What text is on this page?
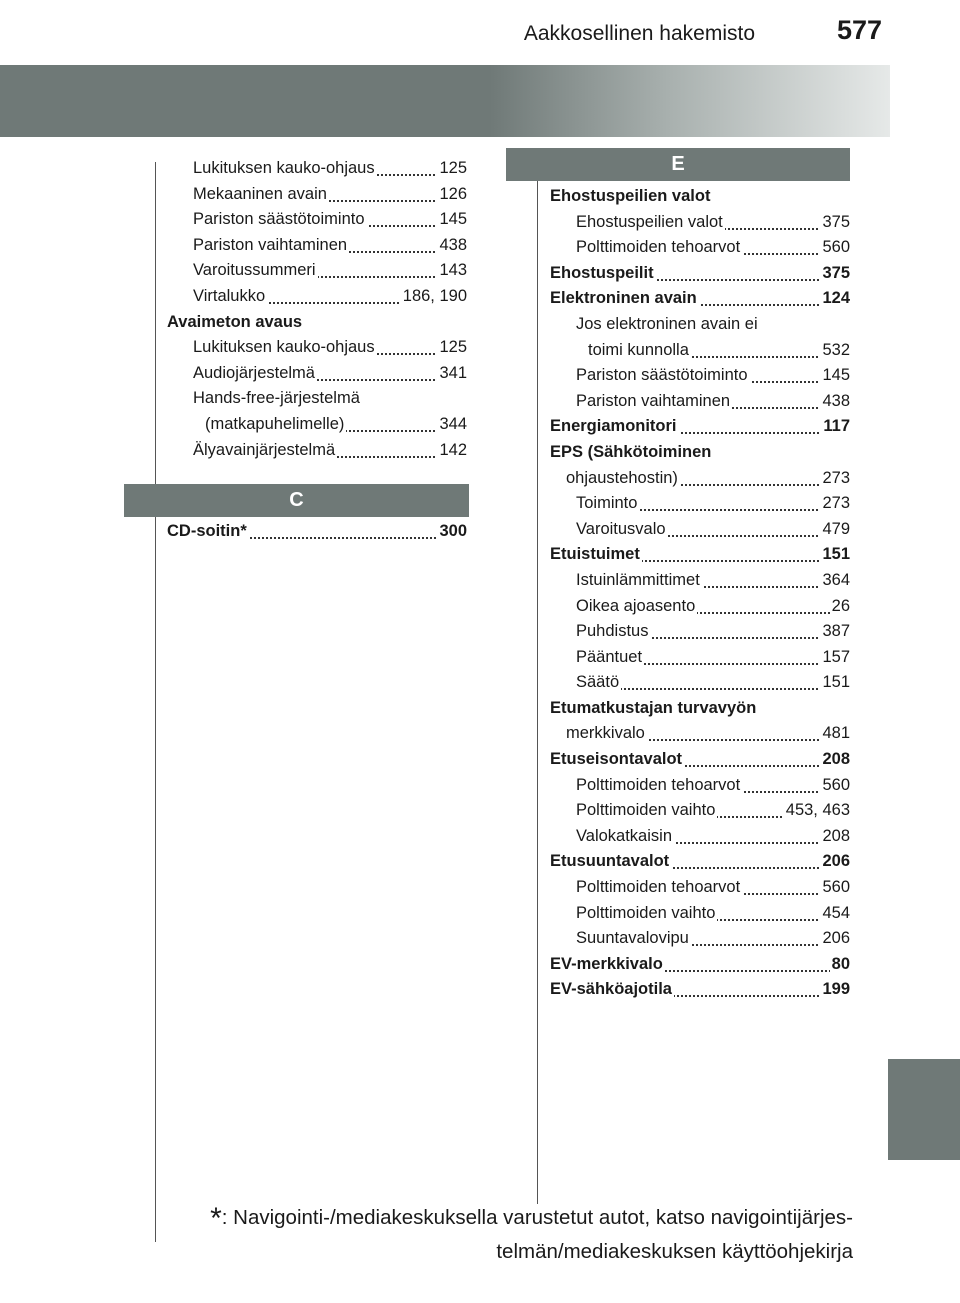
Aakkosellinen hakemisto	577
Lukituksen kauko-ohjaus	125
Mekaaninen avain	126
Pariston säästötoiminto	145
Pariston vaihtaminen	438
Varoitussummeri	143
Virtalukko	186, 190
Avaimeton avaus
Lukituksen kauko-ohjaus	125
Audiojärjestelmä	341
Hands-free-järjestelmä
(matkapuhelimelle)	344
Älyavainjärjestelmä	142
C
CD-soitin*	300
E
Ehostuspeilien valot
Ehostuspeilien valot	375
Polttimoiden tehoarvot	560
Ehostuspeilit	375
Elektroninen avain	124
Jos elektroninen avain ei
toimi kunnolla	532
Pariston säästötoiminto	145
Pariston vaihtaminen	438
Energiamonitori	117
EPS (Sähkötoiminen
ohjaustehostin)	273
Toiminto	273
Varoitusvalo	479
Etuistuimet	151
Istuinlämmittimet	364
Oikea ajoasento	26
Puhdistus	387
Pääntuet	157
Säätö	151
Etumatkustajan turvavyön
merkkivalo	481
Etuseisontavalot	208
Polttimoiden tehoarvot	560
Polttimoiden vaihto	453, 463
Valokatkaisin	208
Etusuuntavalot	206
Polttimoiden tehoarvot	560
Polttimoiden vaihto	454
Suuntavalovipu	206
EV-merkkivalo	80
EV-sähköajotila	199
*: Navigointi-/mediakeskuksella varustetut autot, katso navigointijärjes-
telmän/mediakeskuksen käyttöohjekirja
